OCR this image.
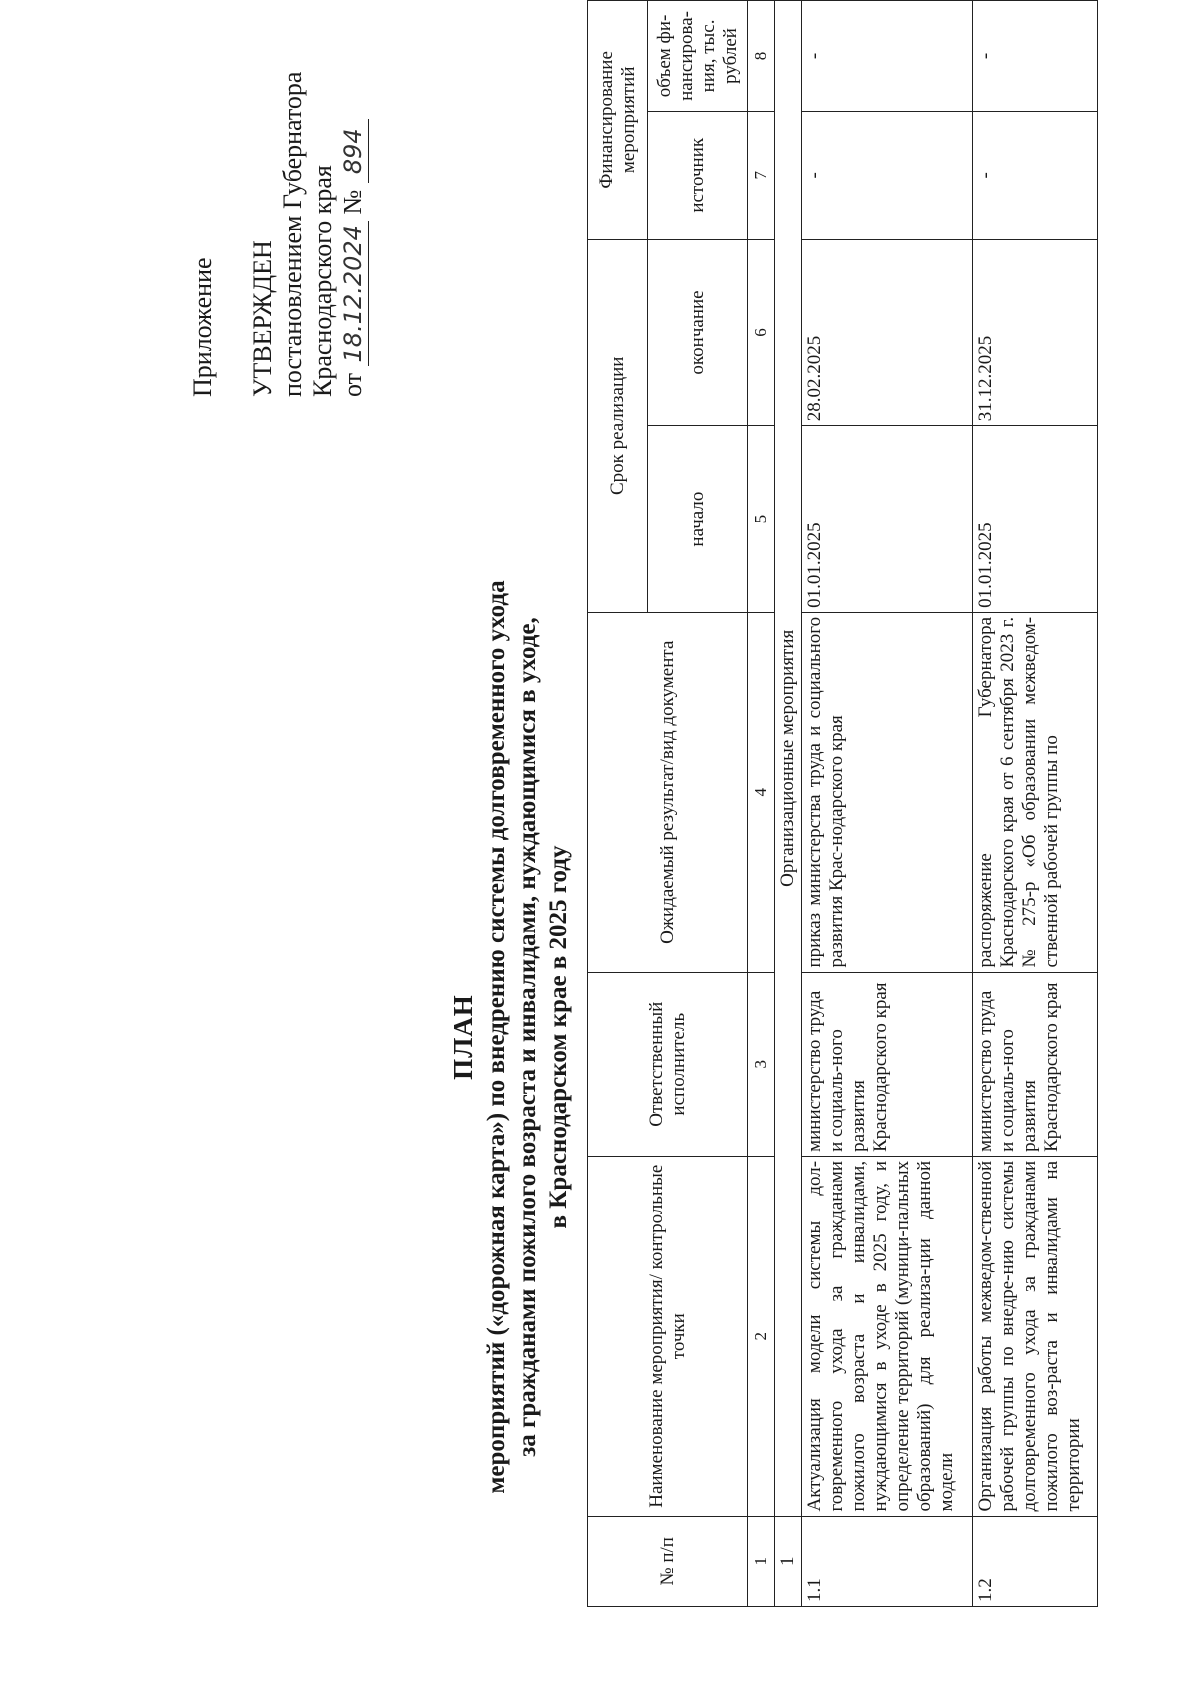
Приложение УТВЕРЖДЕН постановлением Губернатора Краснодарского края от 18.12.2024 № 894
ПЛАН мероприятий («дорожная карта») по внедрению системы долговременного ухода за гражданами пожилого возраста и инвалидами, нуждающимися в уходе, в Краснодарском крае в 2025 году
№ п/п	Наименование мероприятия/ контрольные точки	Ответственный исполнитель	Ожидаемый результат/вид документа	Срок реализации		Финансирование мероприятий	
				начало	окончание	источник	объем фи-нансирова-ния, тыс. рублей
1	2	3	4	5	6	7	8
1	Организационные мероприятия						
1.1	Актуализация модели системы дол-говременного ухода за гражданами пожилого возраста и инвалидами, нуждающимися в уходе в 2025 году, и определение территорий (муници-пальных образований) для реализа-ции данной модели	министерство труда и социаль-ного развития Краснодарского края	приказ министерства труда и социального развития Крас-нодарского края	01.01.2025	28.02.2025	-	-
1.2	Организация работы межведом-ственной рабочей группы по внедре-нию системы долговременного ухода за гражданами пожилого воз-раста и инвалидами на территории	министерство труда и социаль-ного развития Краснодарского края	распоряжение Губернатора Краснодарского края от 6 сентября 2023 г. № 275-р «Об образовании межведом-ственной рабочей группы по	01.01.2025	31.12.2025	-	-
